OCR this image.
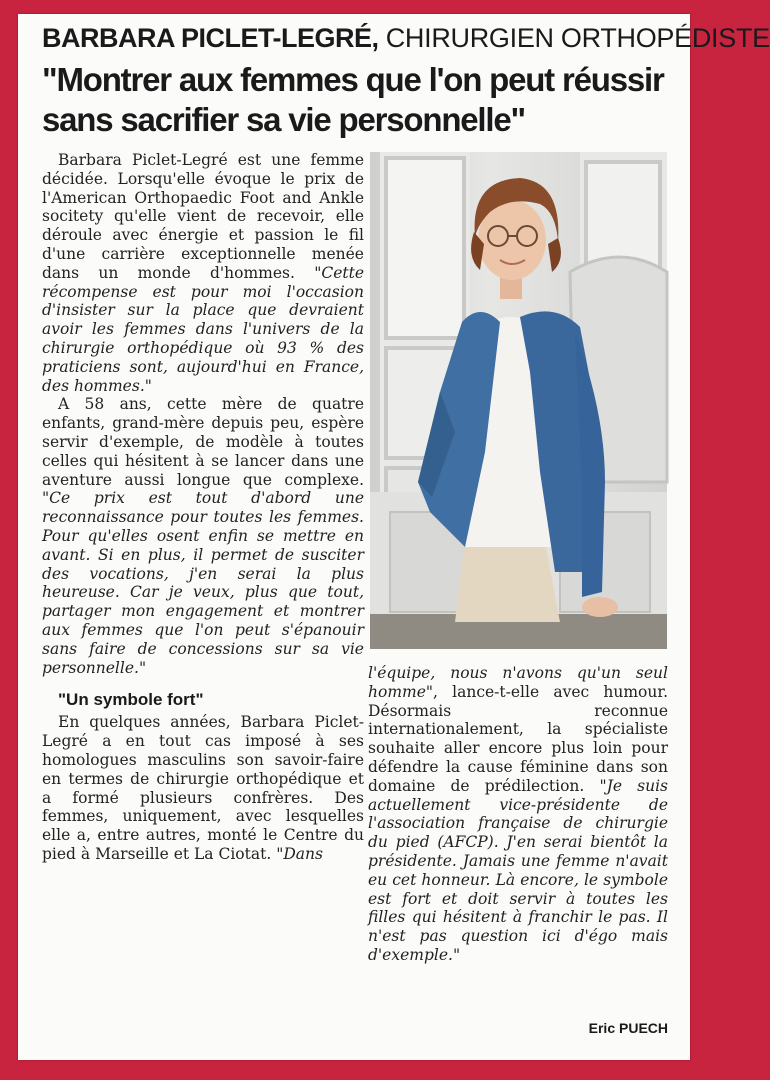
BARBARA PICLET-LEGRÉ, CHIRURGIEN ORTHOPÉDISTE
"Montrer aux femmes que l'on peut réussir sans sacrifier sa vie personnelle"

Barbara Piclet-Legré est une femme décidée. Lorsqu'elle évoque le prix de l'American Orthopaedic Foot and Ankle socitety qu'elle vient de recevoir, elle déroule avec énergie et passion le fil d'une carrière exceptionnelle menée dans un monde d'hommes. "Cette récompense est pour moi l'occasion d'insister sur la place que devraient avoir les femmes dans l'univers de la chirurgie orthopédique où 93 % des praticiens sont, aujourd'hui en France, des hommes."

A 58 ans, cette mère de quatre enfants, grand-mère depuis peu, espère servir d'exemple, de modèle à toutes celles qui hésitent à se lancer dans une aventure aussi longue que complexe. "Ce prix est tout d'abord une reconnaissance pour toutes les femmes. Pour qu'elles osent enfin se mettre en avant. Si en plus, il permet de susciter des vocations, j'en serai la plus heureuse. Car je veux, plus que tout, partager mon engagement et montrer aux femmes que l'on peut s'épanouir sans faire de concessions sur sa vie personnelle."

"Un symbole fort"

En quelques années, Barbara Piclet-Legré a en tout cas imposé à ses homologues masculins son savoir-faire en termes de chirurgie orthopédique et a formé plusieurs confrères. Des femmes, uniquement, avec lesquelles elle a, entre autres, monté le Centre du pied à Marseille et La Ciotat. "Dans

l'équipe, nous n'avons qu'un seul homme", lance-t-elle avec humour. Désormais reconnue internationalement, la spécialiste souhaite aller encore plus loin pour défendre la cause féminine dans son domaine de prédilection. "Je suis actuellement vice-présidente de l'association française de chirurgie du pied (AFCP). J'en serai bientôt la présidente. Jamais une femme n'avait eu cet honneur. Là encore, le symbole est fort et doit servir à toutes les filles qui hésitent à franchir le pas. Il n'est pas question ici d'égo mais d'exemple."

Eric PUECH
